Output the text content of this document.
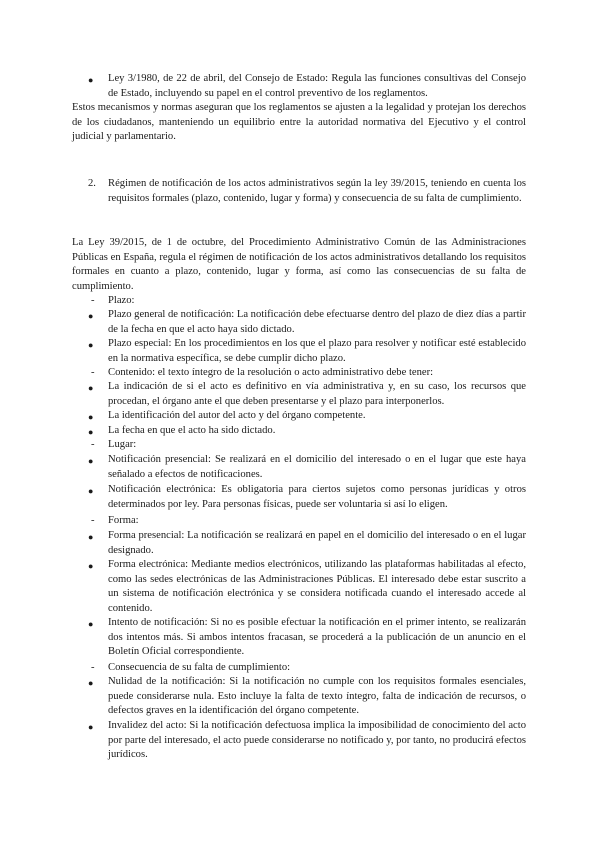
● Ley 3/1980, de 22 de abril, del Consejo de Estado: Regula las funciones consultivas del Consejo de Estado, incluyendo su papel en el control preventivo de los reglamentos.

Estos mecanismos y normas aseguran que los reglamentos se ajusten a la legalidad y protejan los derechos de los ciudadanos, manteniendo un equilibrio entre la autoridad normativa del Ejecutivo y el control judicial y parlamentario.

2. Régimen de notificación de los actos administrativos según la ley 39/2015, teniendo en cuenta los requisitos formales (plazo, contenido, lugar y forma) y consecuencia de su falta de cumplimiento.

La Ley 39/2015, de 1 de octubre, del Procedimiento Administrativo Común de las Administraciones Públicas en España, regula el régimen de notificación de los actos administrativos detallando los requisitos formales en cuanto a plazo, contenido, lugar y forma, así como las consecuencias de su falta de cumplimiento.

- Plazo:

● Plazo general de notificación: La notificación debe efectuarse dentro del plazo de diez días a partir de la fecha en que el acto haya sido dictado.

● Plazo especial: En los procedimientos en los que el plazo para resolver y notificar esté establecido en la normativa específica, se debe cumplir dicho plazo.

- Contenido: el texto íntegro de la resolución o acto administrativo debe tener:

● La indicación de si el acto es definitivo en vía administrativa y, en su caso, los recursos que procedan, el órgano ante el que deben presentarse y el plazo para interponerlos.

● La identificación del autor del acto y del órgano competente.

● La fecha en que el acto ha sido dictado.

- Lugar:

● Notificación presencial: Se realizará en el domicilio del interesado o en el lugar que este haya señalado a efectos de notificaciones.

● Notificación electrónica: Es obligatoria para ciertos sujetos como personas jurídicas y otros determinados por ley. Para personas físicas, puede ser voluntaria si así lo eligen.

- Forma:

● Forma presencial: La notificación se realizará en papel en el domicilio del interesado o en el lugar designado.

● Forma electrónica: Mediante medios electrónicos, utilizando las plataformas habilitadas al efecto, como las sedes electrónicas de las Administraciones Públicas. El interesado debe estar suscrito a un sistema de notificación electrónica y se considera notificada cuando el interesado accede al contenido.

● Intento de notificación: Si no es posible efectuar la notificación en el primer intento, se realizarán dos intentos más. Si ambos intentos fracasan, se procederá a la publicación de un anuncio en el Boletín Oficial correspondiente.

- Consecuencia de su falta de cumplimiento:

● Nulidad de la notificación: Si la notificación no cumple con los requisitos formales esenciales, puede considerarse nula. Esto incluye la falta de texto íntegro, falta de indicación de recursos, o defectos graves en la identificación del órgano competente.

● Invalidez del acto: Si la notificación defectuosa implica la imposibilidad de conocimiento del acto por parte del interesado, el acto puede considerarse no notificado y, por tanto, no producirá efectos jurídicos.
